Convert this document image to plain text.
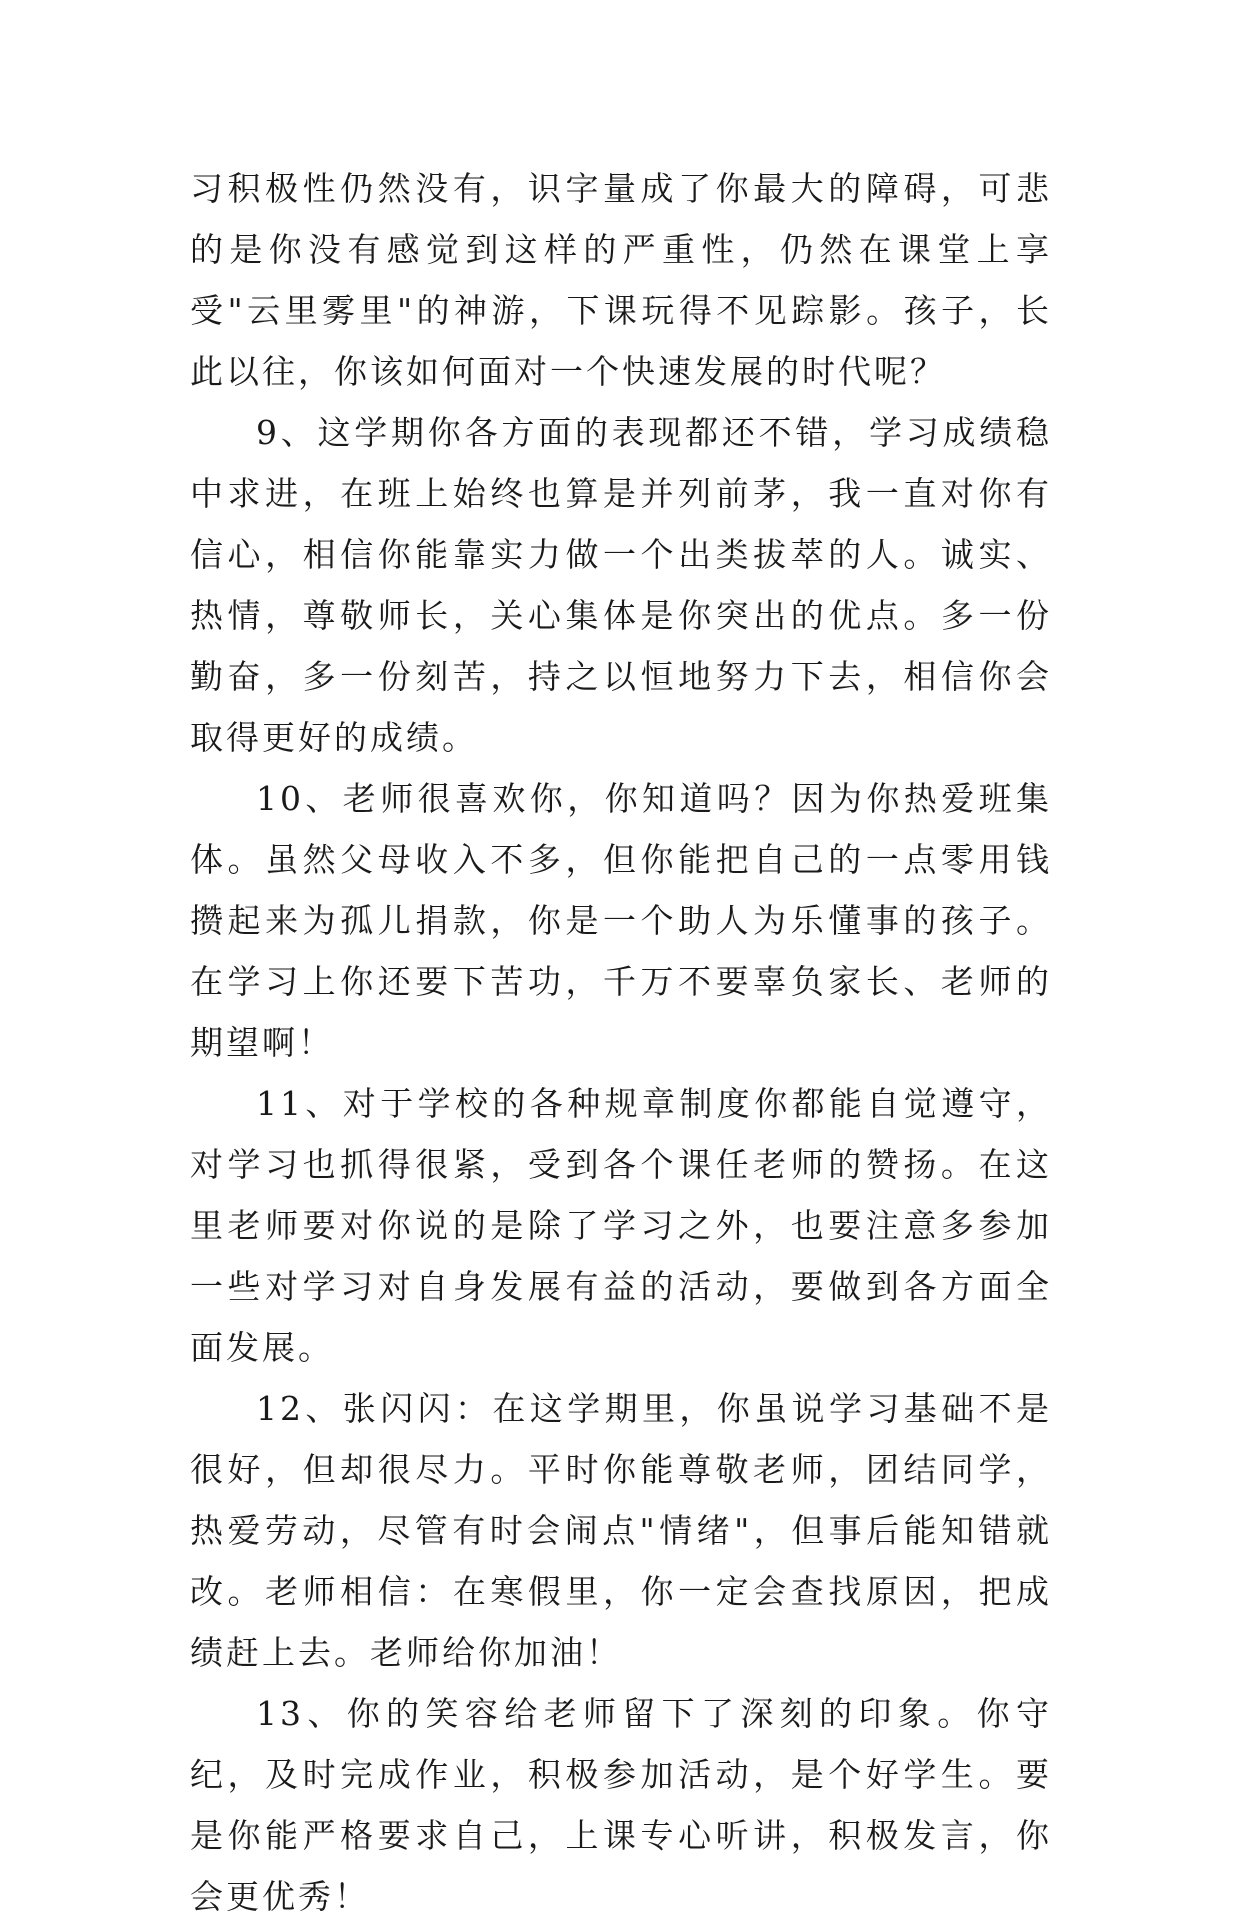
习积极性仍然没有，识字量成了你最大的障碍，可悲的是你没有感觉到这样的严重性，仍然在课堂上享受"云里雾里"的神游，下课玩得不见踪影。孩子，长此以往，你该如何面对一个快速发展的时代呢？

9、这学期你各方面的表现都还不错，学习成绩稳中求进，在班上始终也算是并列前茅，我一直对你有信心，相信你能靠实力做一个出类拔萃的人。诚实、热情，尊敬师长，关心集体是你突出的优点。多一份勤奋，多一份刻苦，持之以恒地努力下去，相信你会取得更好的成绩。

10、老师很喜欢你，你知道吗？因为你热爱班集体。虽然父母收入不多，但你能把自己的一点零用钱攒起来为孤儿捐款，你是一个助人为乐懂事的孩子。在学习上你还要下苦功，千万不要辜负家长、老师的期望啊！

11、对于学校的各种规章制度你都能自觉遵守，对学习也抓得很紧，受到各个课任老师的赞扬。在这里老师要对你说的是除了学习之外，也要注意多参加一些对学习对自身发展有益的活动，要做到各方面全面发展。

12、张闪闪：在这学期里，你虽说学习基础不是很好，但却很尽力。平时你能尊敬老师，团结同学，热爱劳动，尽管有时会闹点"情绪"，但事后能知错就改。老师相信：在寒假里，你一定会查找原因，把成绩赶上去。老师给你加油！

13、你的笑容给老师留下了深刻的印象。你守纪，及时完成作业，积极参加活动，是个好学生。要是你能严格要求自己，上课专心听讲，积极发言，你会更优秀！
